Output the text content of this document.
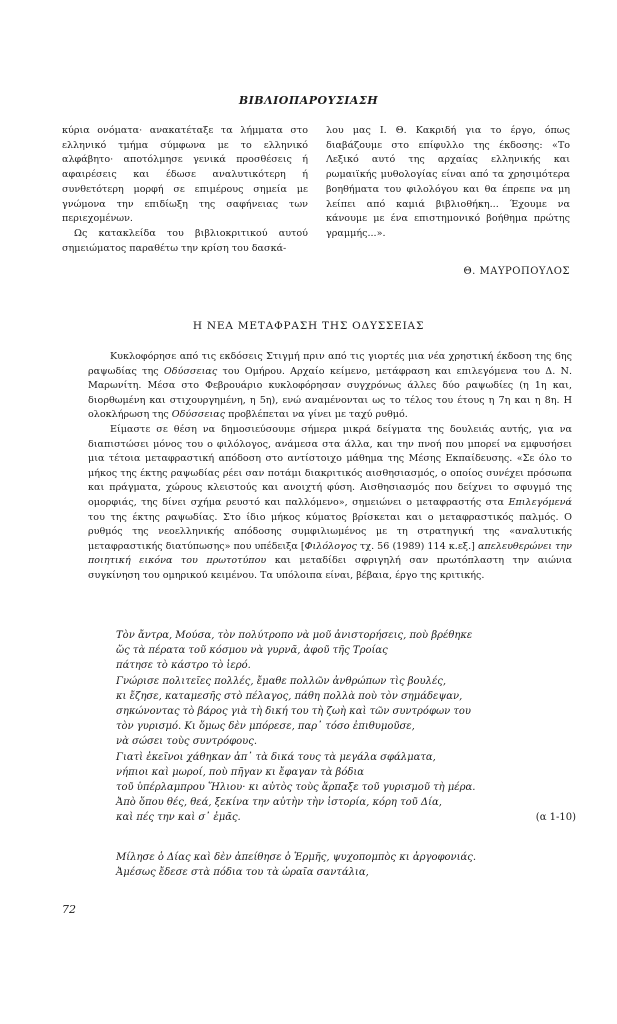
ΒΙΒΛΙΟΠΑΡΟΥΣΙΑΣΗ

κύρια ονόματα· ανακατέταξε τα λήμματα στο ελληνικό τμήμα σύμφωνα με το ελληνικό αλφάβητο· αποτόλμησε γενικά προσθέσεις ή αφαιρέσεις και έδωσε αναλυτικότερη ή συνθετότερη μορφή σε επιμέρους σημεία με γνώμονα την επιδίωξη της σαφήνειας των περιεχομένων.

Ως κατακλείδα του βιβλιοκριτικού αυτού σημειώματος παραθέτω την κρίση του δασκά-

λου μας Ι. Θ. Κακριδή για το έργο, όπως διαβάζουμε στο επίφυλλο της έκδοσης: «Το Λεξικό αυτό της αρχαίας ελληνικής και ρωμαιϊκής μυθολογίας είναι από τα χρησιμότερα βοηθήματα του φιλολόγου και θα έπρεπε να μη λείπει από καμιά βιβλιοθήκη... Έχουμε να κάνουμε με ένα επιστημονικό βοήθημα πρώτης γραμμής...».

Θ. ΜΑΥΡΟΠΟΥΛΟΣ
Η ΝΕΑ ΜΕΤΑΦΡΑΣΗ ΤΗΣ ΟΔΥΣΣΕΙΑΣ

Κυκλοφόρησε από τις εκδόσεις Στιγμή πριν από τις γιορτές μια νέα χρηστική έκδοση της 6ης ραψωδίας της Οδύσσειας του Ομήρου. Αρχαίο κείμενο, μετάφραση και επιλεγόμενα του Δ. Ν. Μαρωνίτη. Μέσα στο Φεβρουάριο κυκλοφόρησαν συγχρόνως άλλες δύο ραψωδίες (η 1η και, διορθωμένη και στιχουργημένη, η 5η), ενώ αναμένονται ως το τέλος του έτους η 7η και η 8η. Η ολοκλήρωση της Οδύσσειας προβλέπεται να γίνει με ταχύ ρυθμό.

Είμαστε σε θέση να δημοσιεύσουμε σήμερα μικρά δείγματα της δουλειάς αυτής, για να διαπιστώσει μόνος του ο φιλόλογος, ανάμεσα στα άλλα, και την πνοή που μπορεί να εμφυσήσει μια τέτοια μεταφραστική απόδοση στο αντίστοιχο μάθημα της Μέσης Εκπαίδευσης. «Σε όλο το μήκος της έκτης ραψωδίας ρέει σαν ποτάμι διακριτικός αισθησιασμός, ο οποίος συνέχει πρόσωπα και πράγματα, χώρους κλειστούς και ανοιχτή φύση. Αισθησιασμός που δείχνει το σφυγμό της ομορφιάς, της δίνει σχήμα ρευστό και παλλόμενο», σημειώνει ο μεταφραστής στα Επιλεγόμενά του της έκτης ραψωδίας. Στο ίδιο μήκος κύματος βρίσκεται και ο μεταφραστικός παλμός. Ο ρυθμός της νεοελληνικής απόδοσης συμφιλιωμένος με τη στρατηγική της «αναλυτικής μεταφραστικής διατύπωσης» που υπέδειξα [Φιλόλογος τχ. 56 (1989) 114 κ.εξ.] απελευθερώνει την ποιητική εικόνα του πρωτοτύπου και μεταδίδει σφριγηλή σαν πρωτόπλαστη την αιώνια συγκίνηση του ομηρικού κειμένου. Τα υπόλοιπα είναι, βέβαια, έργο της κριτικής.

Τὸν ἄντρα, Μούσα, τὸν πολύτροπο νὰ μοῦ ἀνιστορήσεις, ποὺ βρέθηκε
ὥς τὰ πέρατα τοῦ κόσμου νὰ γυρνᾶ, ἀφοῦ τῆς Τροίας
πάτησε τὸ κάστρο τὸ ἱερό.
Γνώρισε πολιτεῖες πολλές, ἔμαθε πολλῶν ἀνθρώπων τὶς βουλές,
κι ἔζησε, καταμεσῆς στὸ πέλαγος, πάθη πολλὰ ποὺ τὸν σημάδεψαν,
σηκώνοντας τὸ βάρος γιὰ τὴ δική του τὴ ζωὴ καὶ τῶν συντρόφων του
τὸν γυρισμό. Κι ὅμως δὲν μπόρεσε, παρ᾽ τόσο ἐπιθυμοῦσε,
νὰ σώσει τοὺς συντρόφους.
Γιατὶ ἐκεῖνοι χάθηκαν ἀπ᾽ τὰ δικά τους τὰ μεγάλα σφάλματα,
νήπιοι καὶ μωροί, ποὺ πῆγαν κι ἔφαγαν τὰ βόδια
τοῦ ὑπέρλαμπρου Ἥλιου· κι αὐτὸς τοὺς ἅρπαξε τοῦ γυρισμοῦ τὴ μέρα.
Ἀπὸ ὅπου θές, θεά, ξεκίνα την αὐτὴν τὴν ἱστορία, κόρη τοῦ Δία,
καὶ πές την καὶ σ᾽ ἐμᾶς.	(α 1-10)
Μίλησε ὁ Δίας καὶ δὲν ἀπείθησε ὁ Ἑρμῆς, ψυχοπομπὸς κι ἀργοφονιάς.
Ἀμέσως ἔδεσε στὰ πόδια του τὰ ὡραῖα σαντάλια,
72
